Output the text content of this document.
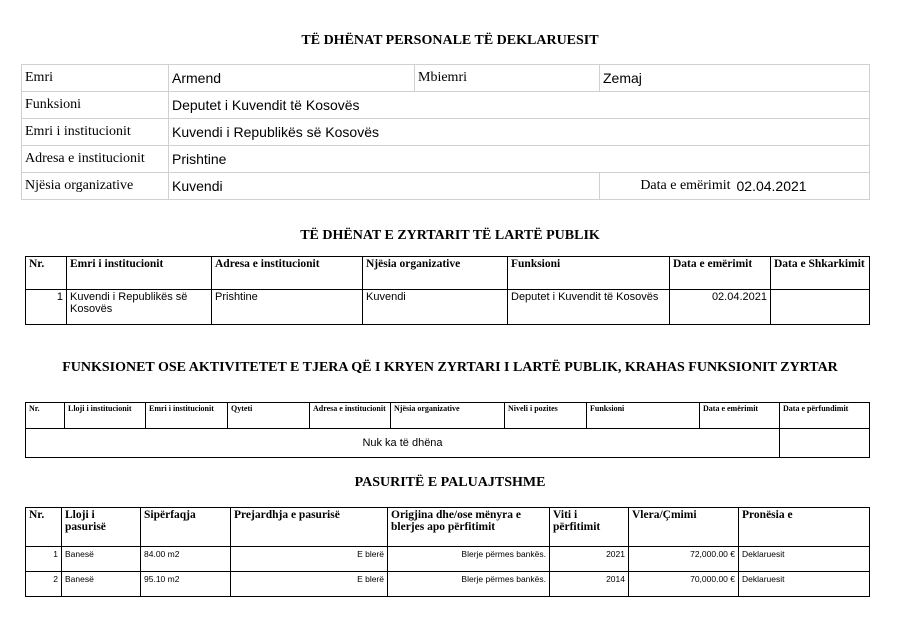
TË DHËNAT PERSONALE TË DEKLARUESIT
Emri	Armend	Mbiemri	Zemaj	
Funksioni	Deputet i Kuvendit të Kosovës			
Emri i institucionit	Kuvendi i Republikës së Kosovës			
Adresa e institucionit	Prishtine			
Njësia organizative	Kuvendi		Data e emërimit	02.04.2021
TË DHËNAT E ZYRTARIT TË LARTË PUBLIK
Nr.	Emri i institucionit	Adresa e institucionit	Njësia organizative	Funksioni	Data e emërimit	Data e Shkarkimit
1	Kuvendi i Republikës së Kosovës	Prishtine	Kuvendi	Deputet i Kuvendit të Kosovës	02.04.2021	
FUNKSIONET OSE AKTIVITETET E TJERA QË I KRYEN ZYRTARI I LARTË PUBLIK, KRAHAS FUNKSIONIT ZYRTAR
Nr.	Lloji i institucionit	Emri i institucionit	Qyteti	Adresa e institucionit	Njësia organizative	Niveli i pozites	Funksioni	Data e emërimit	Data e përfundimit
Nuk ka të dhëna									
PASURITË E PALUAJTSHME
Nr.	Lloji i pasurisë	Sipërfaqja	Prejardhja e pasurisë	Origjina dhe/ose mënyra e blerjes apo përfitimit	Viti i përfitimit	Vlera/Çmimi	Pronësia e
1	Banesë	84.00 m2	E blerë	Blerje përmes bankës.	2021	72,000.00 €	Deklaruesit
2	Banesë	95.10 m2	E blerë	Blerje përmes bankës.	2014	70,000.00 €	Deklaruesit
